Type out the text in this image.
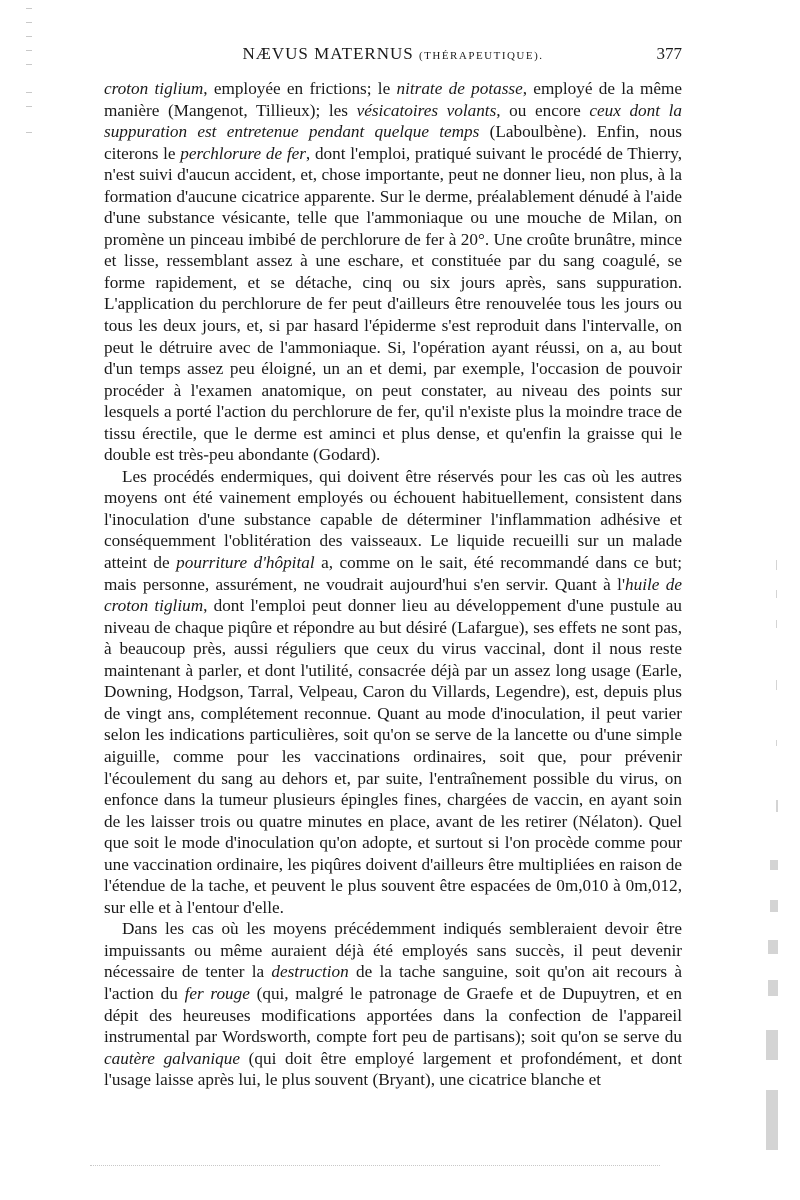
NÆVUS MATERNUS (THÉRAPEUTIQUE).	377

croton tiglium, employée en frictions; le nitrate de potasse, employé de la même manière (Mangenot, Tillieux); les vésicatoires volants, ou encore ceux dont la suppuration est entretenue pendant quelque temps (Laboulbène). Enfin, nous citerons le perchlorure de fer, dont l'emploi, pratiqué suivant le procédé de Thierry, n'est suivi d'aucun accident, et, chose importante, peut ne donner lieu, non plus, à la formation d'aucune cicatrice apparente. Sur le derme, préalablement dénudé à l'aide d'une substance vésicante, telle que l'ammoniaque ou une mouche de Milan, on promène un pinceau imbibé de perchlorure de fer à 20°. Une croûte brunâtre, mince et lisse, ressemblant assez à une eschare, et constituée par du sang coagulé, se forme rapidement, et se détache, cinq ou six jours après, sans suppuration. L'application du perchlorure de fer peut d'ailleurs être renouvelée tous les jours ou tous les deux jours, et, si par hasard l'épiderme s'est reproduit dans l'intervalle, on peut le détruire avec de l'ammoniaque. Si, l'opération ayant réussi, on a, au bout d'un temps assez peu éloigné, un an et demi, par exemple, l'occasion de pouvoir procéder à l'examen anatomique, on peut constater, au niveau des points sur lesquels a porté l'action du perchlorure de fer, qu'il n'existe plus la moindre trace de tissu érectile, que le derme est aminci et plus dense, et qu'enfin la graisse qui le double est très-peu abondante (Godard).

Les procédés endermiques, qui doivent être réservés pour les cas où les autres moyens ont été vainement employés ou échouent habituellement, consistent dans l'inoculation d'une substance capable de déterminer l'inflammation adhésive et conséquemment l'oblitération des vaisseaux. Le liquide recueilli sur un malade atteint de pourriture d'hôpital a, comme on le sait, été recommandé dans ce but; mais personne, assurément, ne voudrait aujourd'hui s'en servir. Quant à l'huile de croton tiglium, dont l'emploi peut donner lieu au développement d'une pustule au niveau de chaque piqûre et répondre au but désiré (Lafargue), ses effets ne sont pas, à beaucoup près, aussi réguliers que ceux du virus vaccinal, dont il nous reste maintenant à parler, et dont l'utilité, consacrée déjà par un assez long usage (Earle, Downing, Hodgson, Tarral, Velpeau, Caron du Villards, Legendre), est, depuis plus de vingt ans, complétement reconnue. Quant au mode d'inoculation, il peut varier selon les indications particulières, soit qu'on se serve de la lancette ou d'une simple aiguille, comme pour les vaccinations ordinaires, soit que, pour prévenir l'écoulement du sang au dehors et, par suite, l'entraînement possible du virus, on enfonce dans la tumeur plusieurs épingles fines, chargées de vaccin, en ayant soin de les laisser trois ou quatre minutes en place, avant de les retirer (Nélaton). Quel que soit le mode d'inoculation qu'on adopte, et surtout si l'on procède comme pour une vaccination ordinaire, les piqûres doivent d'ailleurs être multipliées en raison de l'étendue de la tache, et peuvent le plus souvent être espacées de 0m,010 à 0m,012, sur elle et à l'entour d'elle.

Dans les cas où les moyens précédemment indiqués sembleraient devoir être impuissants ou même auraient déjà été employés sans succès, il peut devenir nécessaire de tenter la destruction de la tache sanguine, soit qu'on ait recours à l'action du fer rouge (qui, malgré le patronage de Graefe et de Dupuytren, et en dépit des heureuses modifications apportées dans la confection de l'appareil instrumental par Wordsworth, compte fort peu de partisans); soit qu'on se serve du cautère galvanique (qui doit être employé largement et profondément, et dont l'usage laisse après lui, le plus souvent (Bryant), une cicatrice blanche et
